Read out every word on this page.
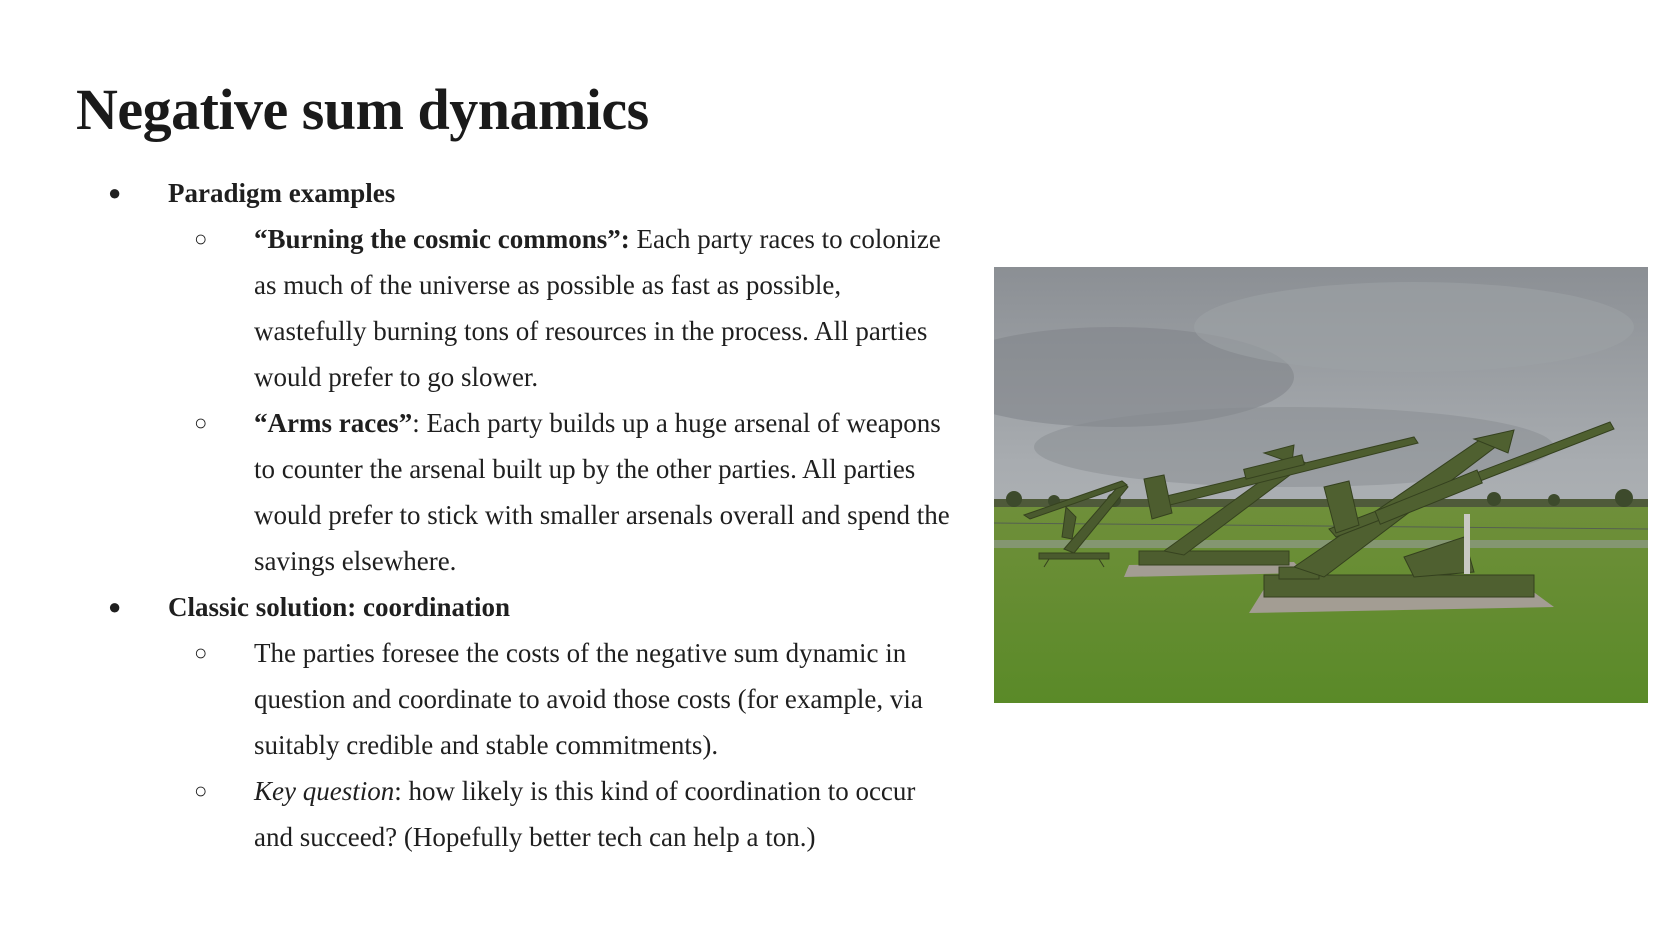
Negative sum dynamics
● Paradigm examples
○ “Burning the cosmic commons”: Each party races to colonize as much of the universe as possible as fast as possible, wastefully burning tons of resources in the process. All parties would prefer to go slower.
○ “Arms races”: Each party builds up a huge arsenal of weapons to counter the arsenal built up by the other parties. All parties would prefer to stick with smaller arsenals overall and spend the savings elsewhere.
● Classic solution: coordination
○ The parties foresee the costs of the negative sum dynamic in question and coordinate to avoid those costs (for example, via suitably credible and stable commitments).
○ Key question: how likely is this kind of coordination to occur and succeed? (Hopefully better tech can help a ton.)
